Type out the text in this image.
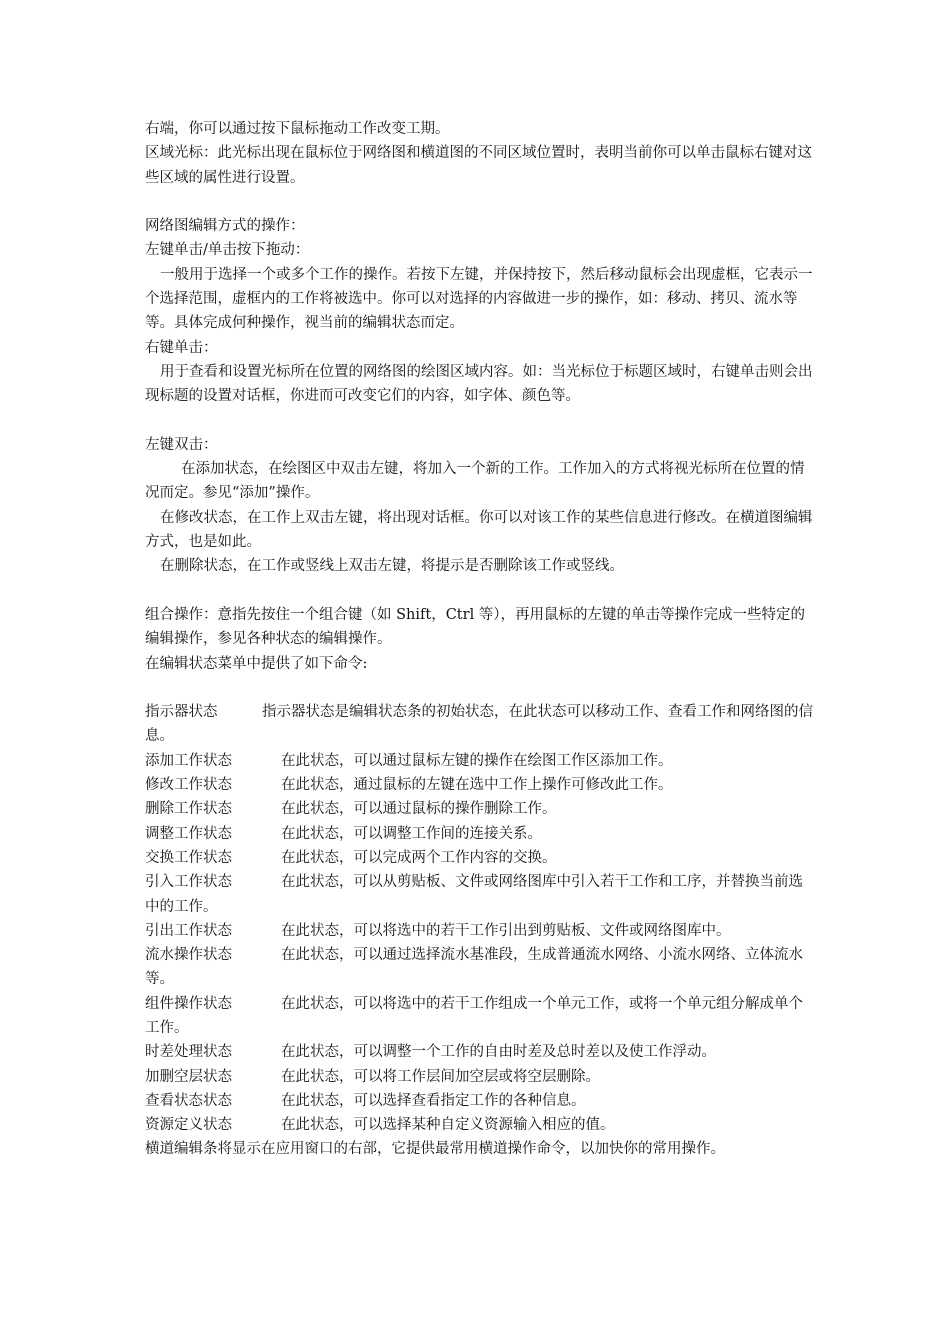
右端，你可以通过按下鼠标拖动工作改变工期。

区域光标：此光标出现在鼠标位于网络图和横道图的不同区域位置时，表明当前你可以单击鼠标右键对这些区域的属性进行设置。

网络图编辑方式的操作：

左键单击/单击按下拖动：

一般用于选择一个或多个工作的操作。若按下左键，并保持按下，然后移动鼠标会出现虚框，它表示一个选择范围，虚框内的工作将被选中。你可以对选择的内容做进一步的操作，如：移动、拷贝、流水等等。具体完成何种操作，视当前的编辑状态而定。

右键单击：

用于查看和设置光标所在位置的网络图的绘图区域内容。如：当光标位于标题区域时，右键单击则会出现标题的设置对话框，你进而可改变它们的内容，如字体、颜色等。

左键双击：

在添加状态，在绘图区中双击左键，将加入一个新的工作。工作加入的方式将视光标所在位置的情况而定。参见“添加”操作。

在修改状态，在工作上双击左键，将出现对话框。你可以对该工作的某些信息进行修改。在横道图编辑方式，也是如此。

在删除状态，在工作或竖线上双击左键，将提示是否删除该工作或竖线。

组合操作：意指先按住一个组合键（如 Shift，Ctrl 等），再用鼠标的左键的单击等操作完成一些特定的编辑操作，参见各种状态的编辑操作。

在编辑状态菜单中提供了如下命令:

指示器状态	指示器状态是编辑状态条的初始状态，在此状态可以移动工作、查看工作和网络图的信息。

添加工作状态	在此状态，可以通过鼠标左键的操作在绘图工作区添加工作。

修改工作状态	在此状态，通过鼠标的左键在选中工作上操作可修改此工作。

删除工作状态	在此状态，可以通过鼠标的操作删除工作。

调整工作状态	在此状态，可以调整工作间的连接关系。

交换工作状态	在此状态，可以完成两个工作内容的交换。

引入工作状态	在此状态，可以从剪贴板、文件或网络图库中引入若干工作和工序，并替换当前选中的工作。

引出工作状态	在此状态，可以将选中的若干工作引出到剪贴板、文件或网络图库中。

流水操作状态	在此状态，可以通过选择流水基准段，生成普通流水网络、小流水网络、立体流水等。

组件操作状态	在此状态，可以将选中的若干工作组成一个单元工作，或将一个单元组分解成单个工作。

时差处理状态	在此状态，可以调整一个工作的自由时差及总时差以及使工作浮动。

加删空层状态	在此状态，可以将工作层间加空层或将空层删除。

查看状态状态	在此状态，可以选择查看指定工作的各种信息。

资源定义状态	在此状态，可以选择某种自定义资源输入相应的值。

横道编辑条将显示在应用窗口的右部，它提供最常用横道操作命令，以加快你的常用操作。
